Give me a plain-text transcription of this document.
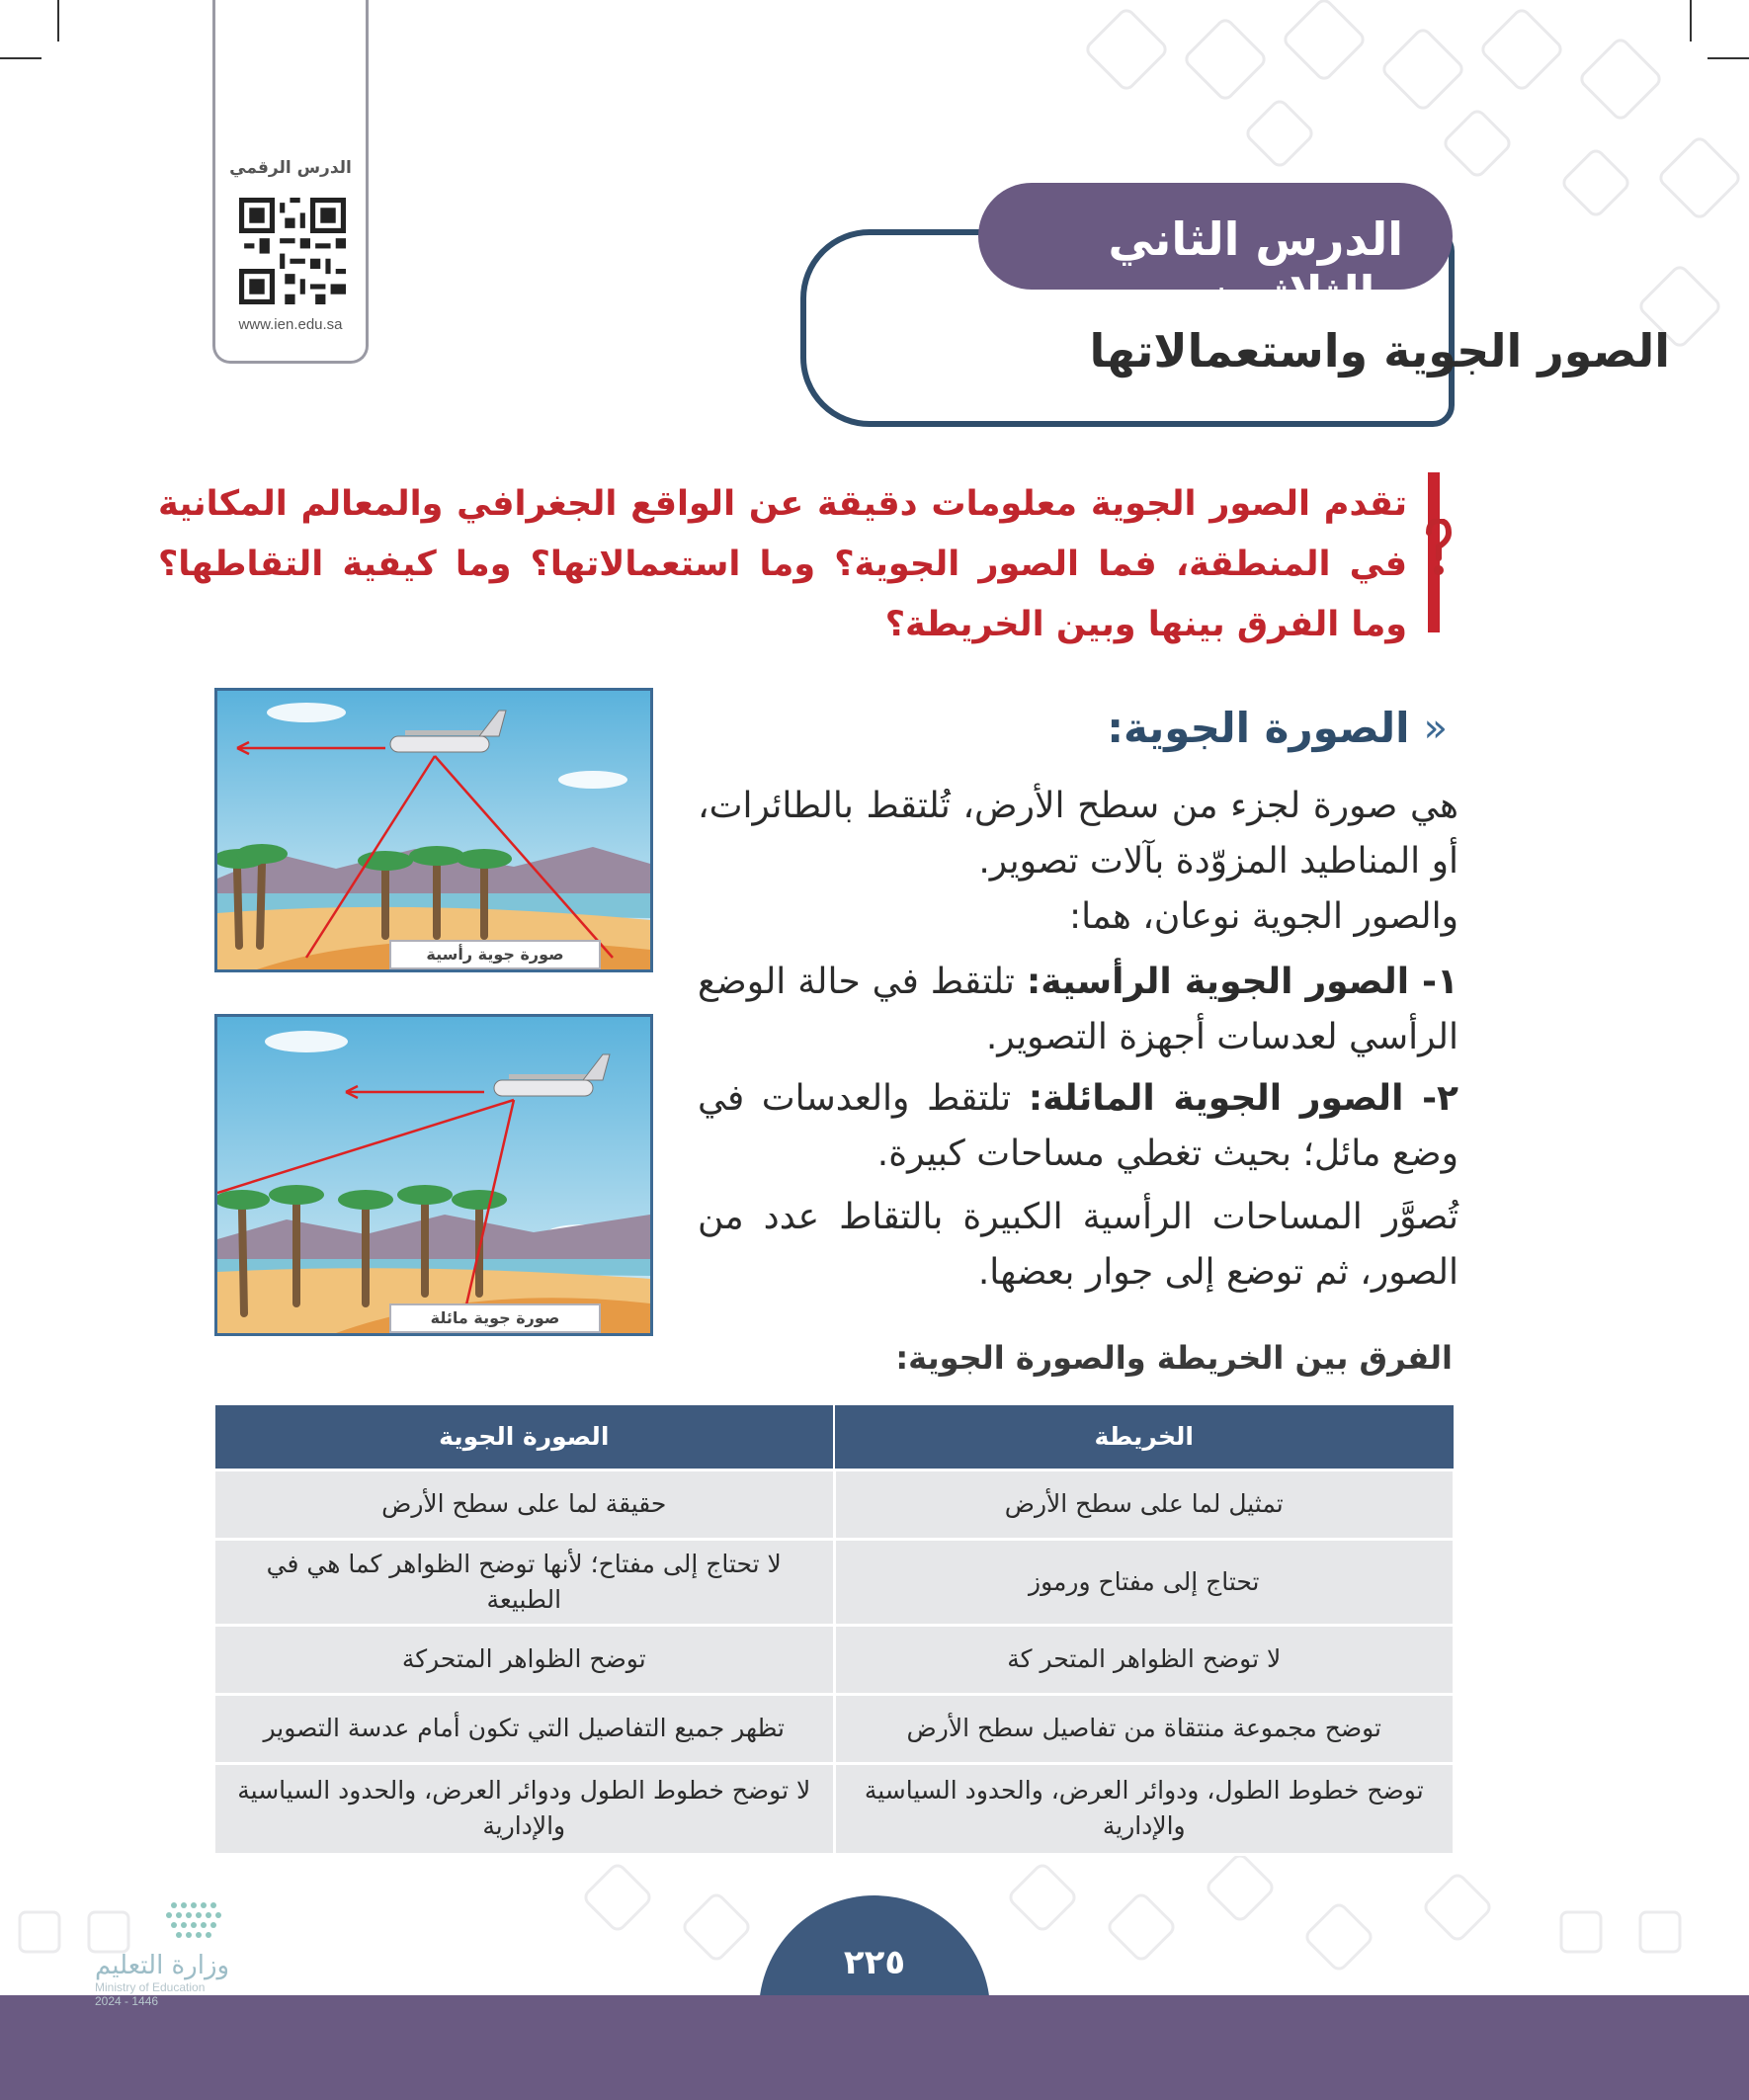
الدرس الرقمي
www.ien.edu.sa
الدرس الثاني والثلاثون
الصور الجوية واستعمالاتها
تقدم الصور الجوية معلومات دقيقة عن الواقع الجغرافي والمعالم المكانية في المنطقة، فما الصور الجوية؟ وما استعمالاتها؟ وما كيفية التقاطها؟ وما الفرق بينها وبين الخريطة؟
«
الصورة الجوية:
هي صورة لجزء من سطح الأرض، تُلتقط بالطائرات، أو المناطيد المزوّدة بآلات تصوير.
والصور الجوية نوعان، هما:
١- الصور الجوية الرأسية: تلتقط في حالة الوضع الرأسي لعدسات أجهزة التصوير.
٢- الصور الجوية المائلة: تلتقط والعدسات في وضع مائل؛ بحيث تغطي مساحات كبيرة.
تُصوَّر المساحات الرأسية الكبيرة بالتقاط عدد من الصور، ثم توضع إلى جوار بعضها.
صورة جوية رأسية
صورة جوية مائلة
الفرق بين الخريطة والصورة الجوية:
الخريطة	الصورة الجوية
تمثيل لما على سطح الأرض	حقيقة لما على سطح الأرض
تحتاج إلى مفتاح ورموز	لا تحتاج إلى مفتاح؛ لأنها توضح الظواهر كما هي في الطبيعة
لا توضح الظواهر المتحر كة	توضح الظواهر المتحركة
توضح مجموعة منتقاة من تفاصيل سطح الأرض	تظهر جميع التفاصيل التي تكون أمام عدسة التصوير
توضح خطوط الطول، ودوائر العرض، والحدود السياسية والإدارية	لا توضح خطوط الطول ودوائر العرض، والحدود السياسية والإدارية
٢٢٥
وزارة التعليم
Ministry of Education
2024 - 1446
